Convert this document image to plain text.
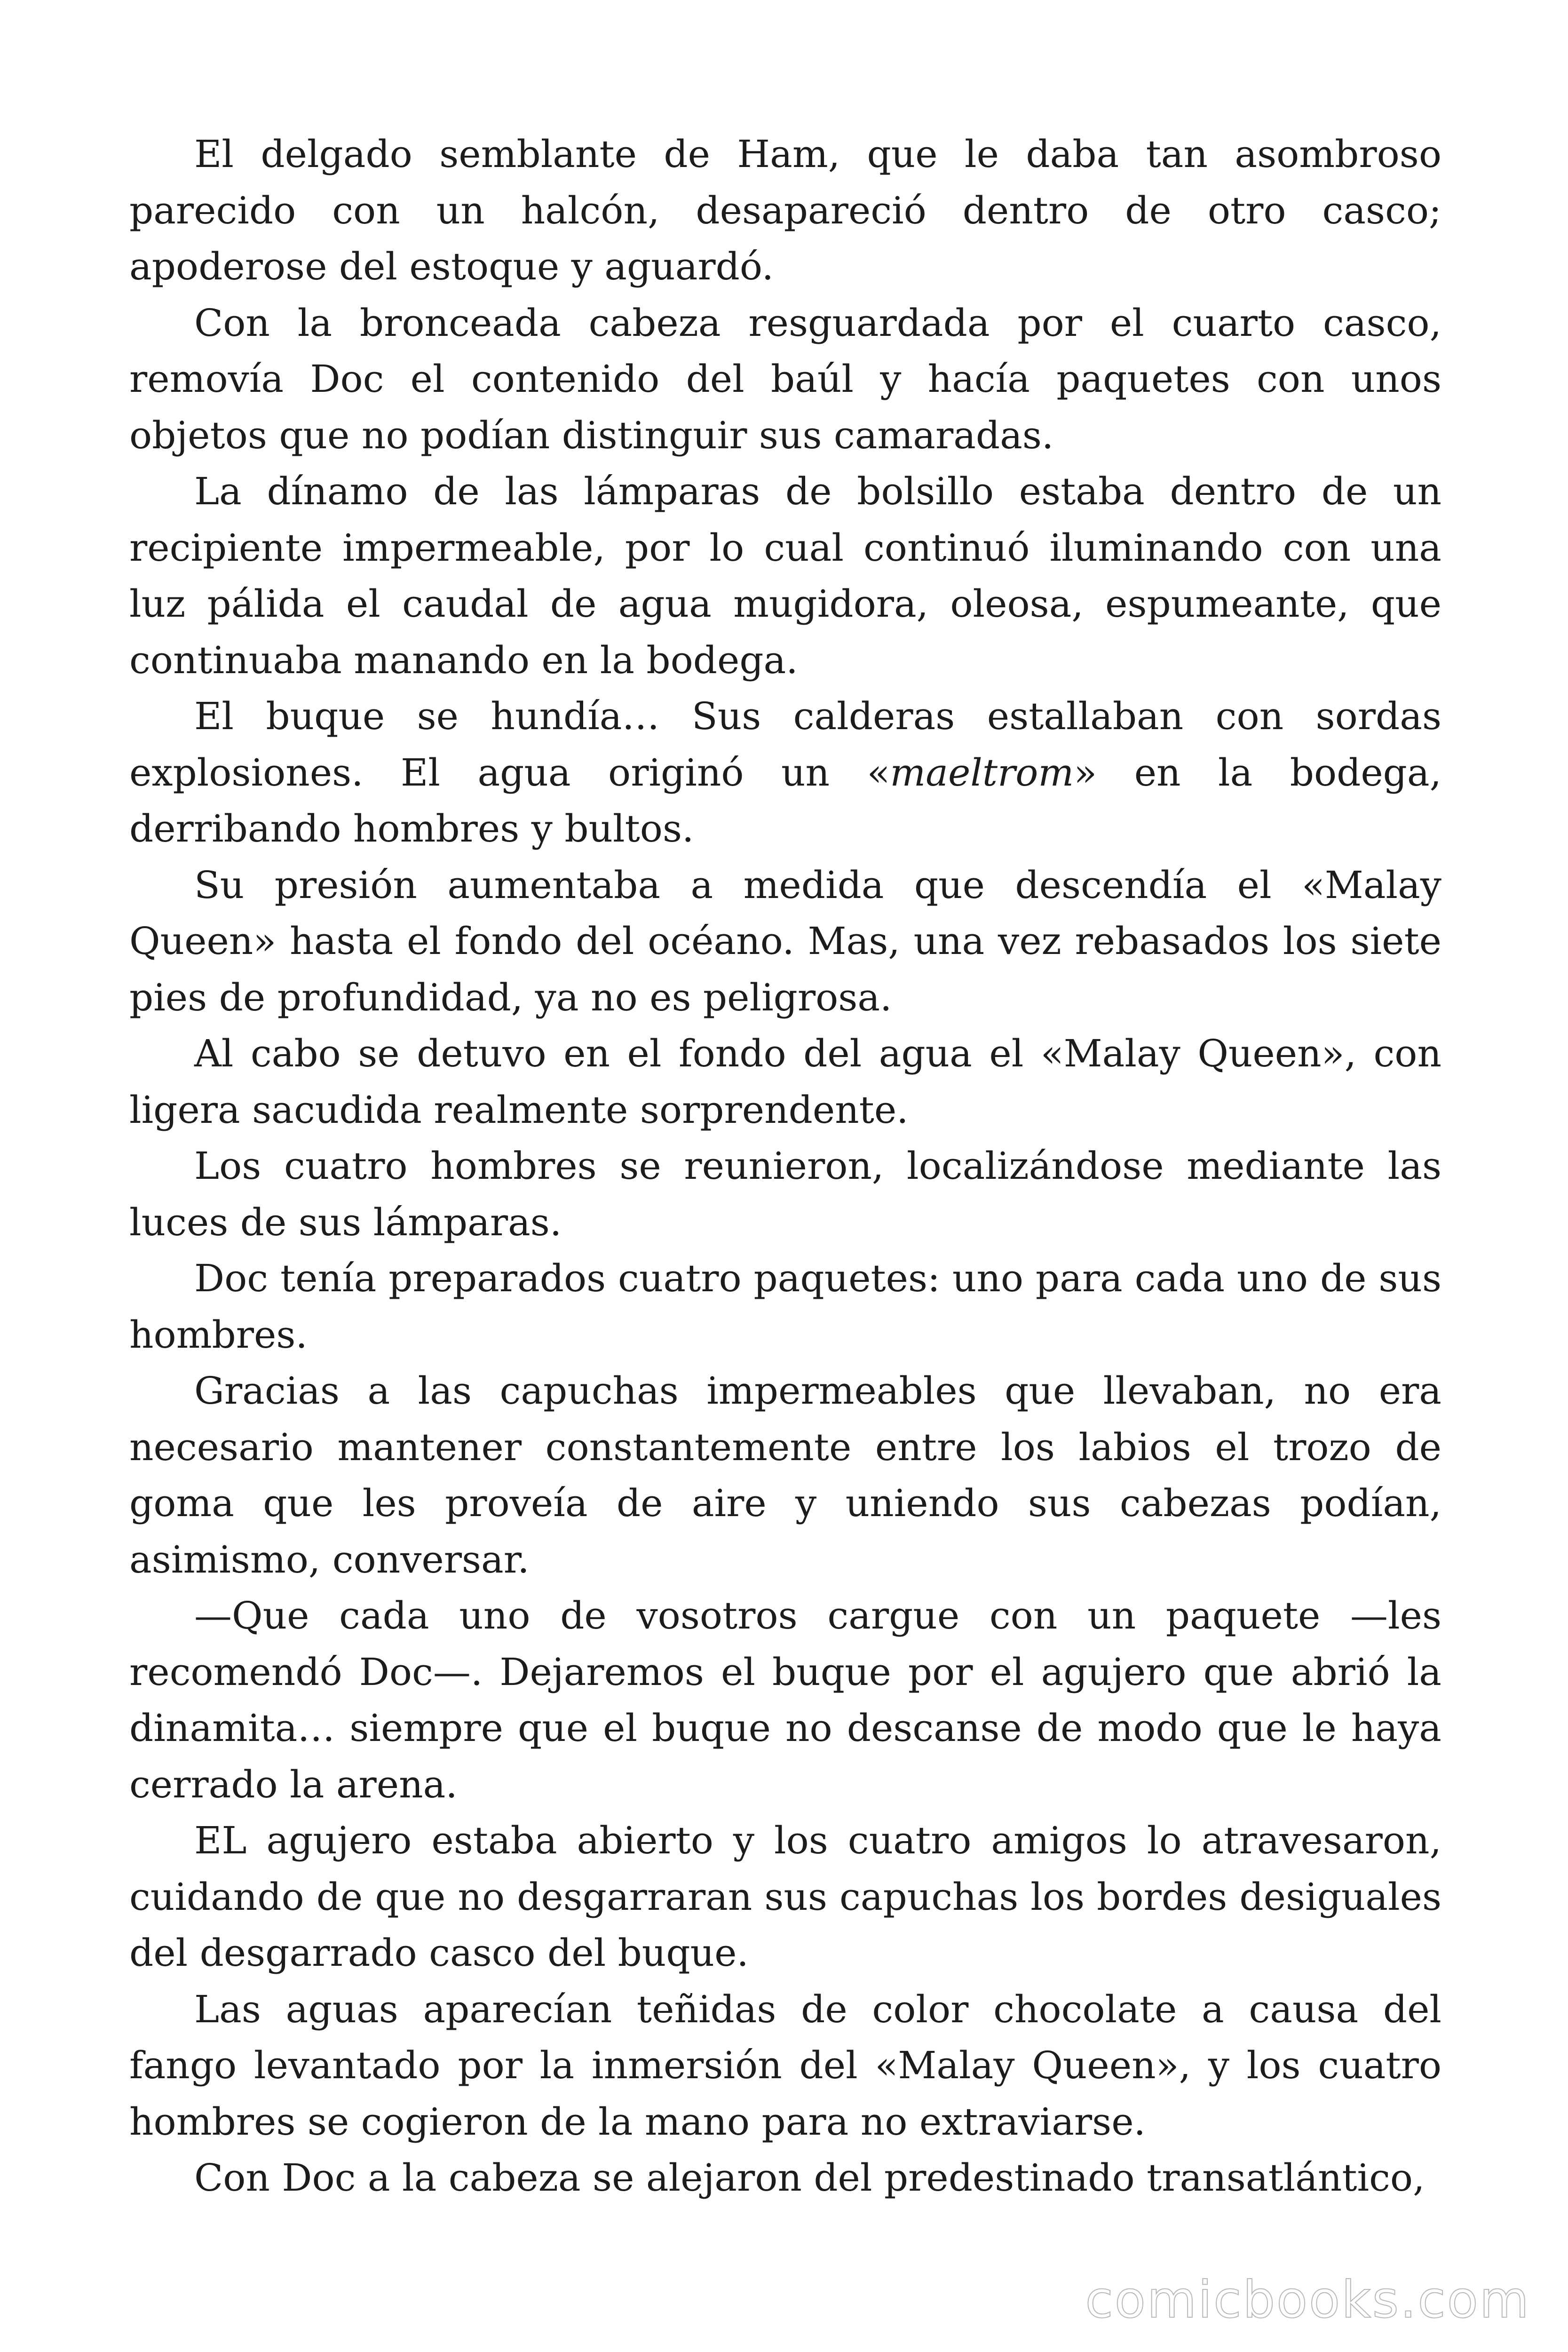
El delgado semblante de Ham, que le daba tan asombroso parecido con un halcón, desapareció dentro de otro casco; apoderose del estoque y aguardó.

Con la bronceada cabeza resguardada por el cuarto casco, removía Doc el contenido del baúl y hacía paquetes con unos objetos que no podían distinguir sus camaradas.

La dínamo de las lámparas de bolsillo estaba dentro de un recipiente impermeable, por lo cual continuó iluminando con una luz pálida el caudal de agua mugidora, oleosa, espumeante, que continuaba manando en la bodega.

El buque se hundía… Sus calderas estallaban con sordas explosiones. El agua originó un «maeltrom» en la bodega, derribando hombres y bultos.

Su presión aumentaba a medida que descendía el «Malay Queen» hasta el fondo del océano. Mas, una vez rebasados los siete pies de profundidad, ya no es peligrosa.

Al cabo se detuvo en el fondo del agua el «Malay Queen», con ligera sacudida realmente sorprendente.

Los cuatro hombres se reunieron, localizándose mediante las luces de sus lámparas.

Doc tenía preparados cuatro paquetes: uno para cada uno de sus hombres.

Gracias a las capuchas impermeables que llevaban, no era necesario mantener constantemente entre los labios el trozo de goma que les proveía de aire y uniendo sus cabezas podían, asimismo, conversar.

—Que cada uno de vosotros cargue con un paquete —les recomendó Doc—. Dejaremos el buque por el agujero que abrió la dinamita… siempre que el buque no descanse de modo que le haya cerrado la arena.

EL agujero estaba abierto y los cuatro amigos lo atravesaron, cuidando de que no desgarraran sus capuchas los bordes desiguales del desgarrado casco del buque.

Las aguas aparecían teñidas de color chocolate a causa del fango levantado por la inmersión del «Malay Queen», y los cuatro hombres se cogieron de la mano para no extraviarse.

Con Doc a la cabeza se alejaron del predestinado transatlántico,

comicbooks.com
